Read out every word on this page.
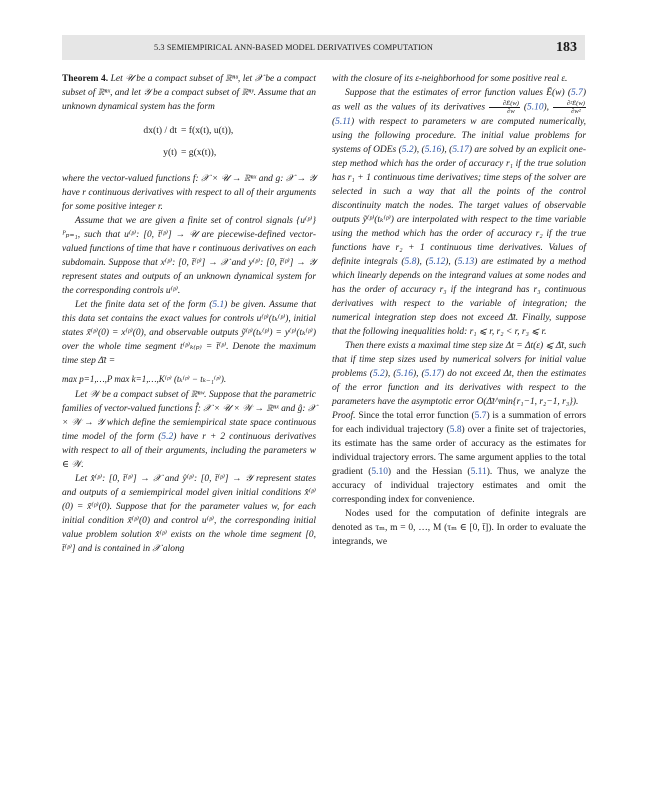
5.3 SEMIEMPIRICAL ANN-BASED MODEL DERIVATIVES COMPUTATION	183

Theorem 4. Let 𝒰 be a compact subset of ℝⁿᵘ, let 𝒳 be a compact subset of ℝⁿˣ, and let 𝒴 be a compact subset of ℝⁿʸ. Assume that an unknown dynamical system has the form

dx(t) / dt = f(x(t), u(t)),
y(t) = g(x(t)),

where the vector-valued functions f: 𝒳 × 𝒰 → ℝⁿˣ and g: 𝒳 → 𝒴 have r continuous derivatives with respect to all of their arguments for some positive integer r.

Assume that we are given a finite set of control signals {u⁽ᵖ⁾}ᴾₚ₌₁, such that u⁽ᵖ⁾: [0, t̄⁽ᵖ⁾] → 𝒰 are piecewise-defined vector-valued functions of time that have r continuous derivatives on each subdomain. Suppose that x⁽ᵖ⁾: [0, t̄⁽ᵖ⁾] → 𝒳 and y⁽ᵖ⁾: [0, t̄⁽ᵖ⁾] → 𝒴 represent states and outputs of an unknown dynamical system for the corresponding controls u⁽ᵖ⁾.

Let the finite data set of the form (5.1) be given. Assume that this data set contains the exact values for controls u⁽ᵖ⁾(tₖ⁽ᵖ⁾), initial states x̃⁽ᵖ⁾(0) = x⁽ᵖ⁾(0), and observable outputs ỹ⁽ᵖ⁾(tₖ⁽ᵖ⁾) = y⁽ᵖ⁾(tₖ⁽ᵖ⁾) over the whole time segment t⁽ᵖ⁾ₖ₍ₚ₎ = t̄⁽ᵖ⁾. Denote the maximum time step Δ̄t =

max p=1,…,P max k=1,…,K⁽ᵖ⁾ (tₖ⁽ᵖ⁾ − tₖ₋₁⁽ᵖ⁾).

Let 𝒲 be a compact subset of ℝⁿʷ. Suppose that the parametric families of vector-valued functions f̂: 𝒳 × 𝒰 × 𝒲 → ℝⁿˣ and ĝ: 𝒳 × 𝒲 → 𝒴 which define the semiempirical state space continuous time model of the form (5.2) have r + 2 continuous derivatives with respect to all of their arguments, including the parameters w ∈ 𝒲.

Let x̂⁽ᵖ⁾: [0, t̄⁽ᵖ⁾] → 𝒳 and ŷ⁽ᵖ⁾: [0, t̄⁽ᵖ⁾] → 𝒴 represent states and outputs of a semiempirical model given initial conditions x̂⁽ᵖ⁾(0) = x̃⁽ᵖ⁾(0). Suppose that for the parameter values w, for each initial condition x̃⁽ᵖ⁾(0) and control u⁽ᵖ⁾, the corresponding initial value problem solution x̂⁽ᵖ⁾ exists on the whole time segment [0, t̄⁽ᵖ⁾] and is contained in 𝒳 along

with the closure of its ε-neighborhood for some positive real ε.

Suppose that the estimates of error function values Ē(w) (5.7) as well as the values of its derivatives $\frac{\partial Ē(w)}{\partial w} (5.10)$, $\frac{\text{∂²Ē(w)}}{\text{∂w²}}$
(5.11) with respect to parameters w are computed numerically, using the following procedure. The initial value problems for systems of ODEs (5.2), (5.16), (5.17) are solved by an explicit one-step method which has the order of accuracy r₁ if the true solution has r₁ + 1 continuous time derivatives; time steps of the solver are selected in such a way that all the points of the control discontinuity match the nodes. The target values of observable outputs ỹ⁽ᵖ⁾(tₖ⁽ᵖ⁾) are interpolated with respect to the time variable using the method which has the order of accuracy r₂ if the true functions have r₂ + 1 continuous time derivatives. Values of definite integrals (5.8), (5.12), (5.13) are estimated by a method which linearly depends on the integrand values at some nodes and has the order of accuracy r₃ if the integrand has r₃ continuous derivatives with respect to the variable of integration; the numerical integration step does not exceed Δ̄t. Finally, suppose that the following inequalities hold: r₁ ⩽ r, r₂ < r, r₃ ⩽ r.

Then there exists a maximal time step size Δt = Δt(ε) ⩽ Δ̄t, such that if time step sizes used by numerical solvers for initial value problems (5.2), (5.16), (5.17) do not exceed Δt, then the estimates of the error function and its derivatives with respect to the parameters have the asymptotic error O(Δ̄t^min{r₁−1, r₂−1, r₃}).

Proof. Since the total error function (5.7) is a summation of errors for each individual trajectory (5.8) over a finite set of trajectories, its estimate has the same order of accuracy as the estimates for individual trajectory errors. The same argument applies to the total gradient (5.10) and the Hessian (5.11). Thus, we analyze the accuracy of individual trajectory estimates and omit the corresponding index for convenience.

Nodes used for the computation of definite integrals are denoted as τₘ, m = 0, …, M (τₘ ∈ [0, t̄]). In order to evaluate the integrands, we
